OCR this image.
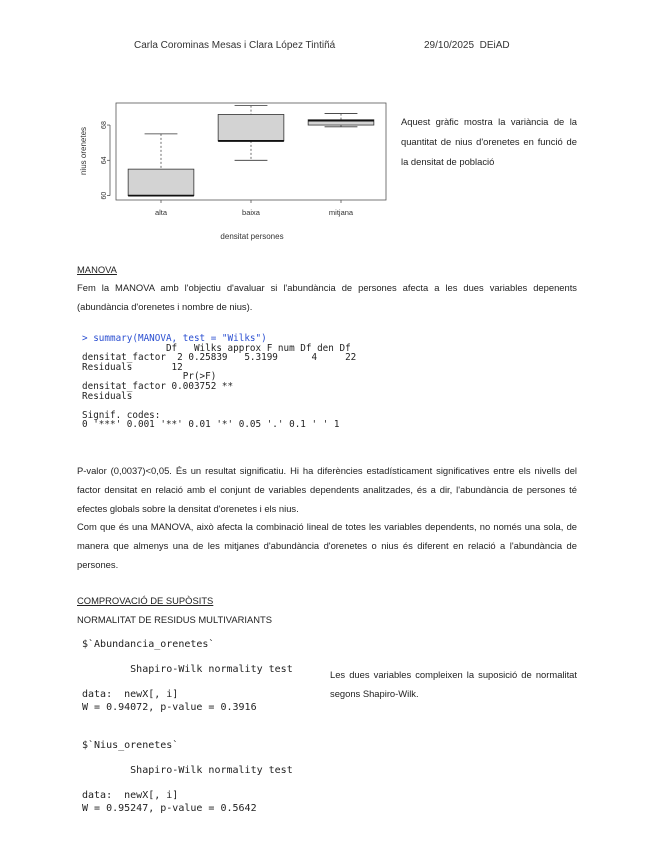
Carla Corominas Mesas i Clara López Tintiñá	29/10/2025 DEiAD
60
64
68
alta	baixa	mitjana
nius orenetes
densitat persones
Aquest gràfic mostra la variància de la quantitat de nius d'orenetes en funció de la densitat de població
MANOVA
Fem la MANOVA amb l'objectiu d'avaluar si l'abundància de persones afecta a les dues variables depenents (abundància d'orenetes i nombre de nius).
> summary(MANOVA, test = "Wilks")
Df   Wilks approx F num Df den Df
densitat_factor  2 0.25839   5.3199      4     22
Residuals       12
Pr(>F)
densitat_factor 0.003752 **
Residuals

Signif. codes:
0 '***' 0.001 '**' 0.01 '*' 0.05 '.' 0.1 ' ' 1
P-valor (0,0037)<0,05. És un resultat significatiu. Hi ha diferències estadísticament significatives entre els nivells del factor densitat en relació amb el conjunt de variables dependents analitzades, és a dir, l'abundància de persones té efectes globals sobre la densitat d'orenetes i els nius.
Com que és una MANOVA, això afecta la combinació lineal de totes les variables dependents, no només una sola, de manera que almenys una de les mitjanes d'abundància d'orenetes o nius és diferent en relació a l'abundància de persones.
COMPROVACIÓ DE SUPÒSITS
NORMALITAT DE RESIDUS MULTIVARIANTS
$`Abundancia_orenetes`

Shapiro-Wilk normality test

data:  newX[, i]
W = 0.94072, p-value = 0.3916
$`Nius_orenetes`

Shapiro-Wilk normality test

data:  newX[, i]
W = 0.95247, p-value = 0.5642
Les dues variables compleixen la suposició de normalitat segons Shapiro-Wilk.
